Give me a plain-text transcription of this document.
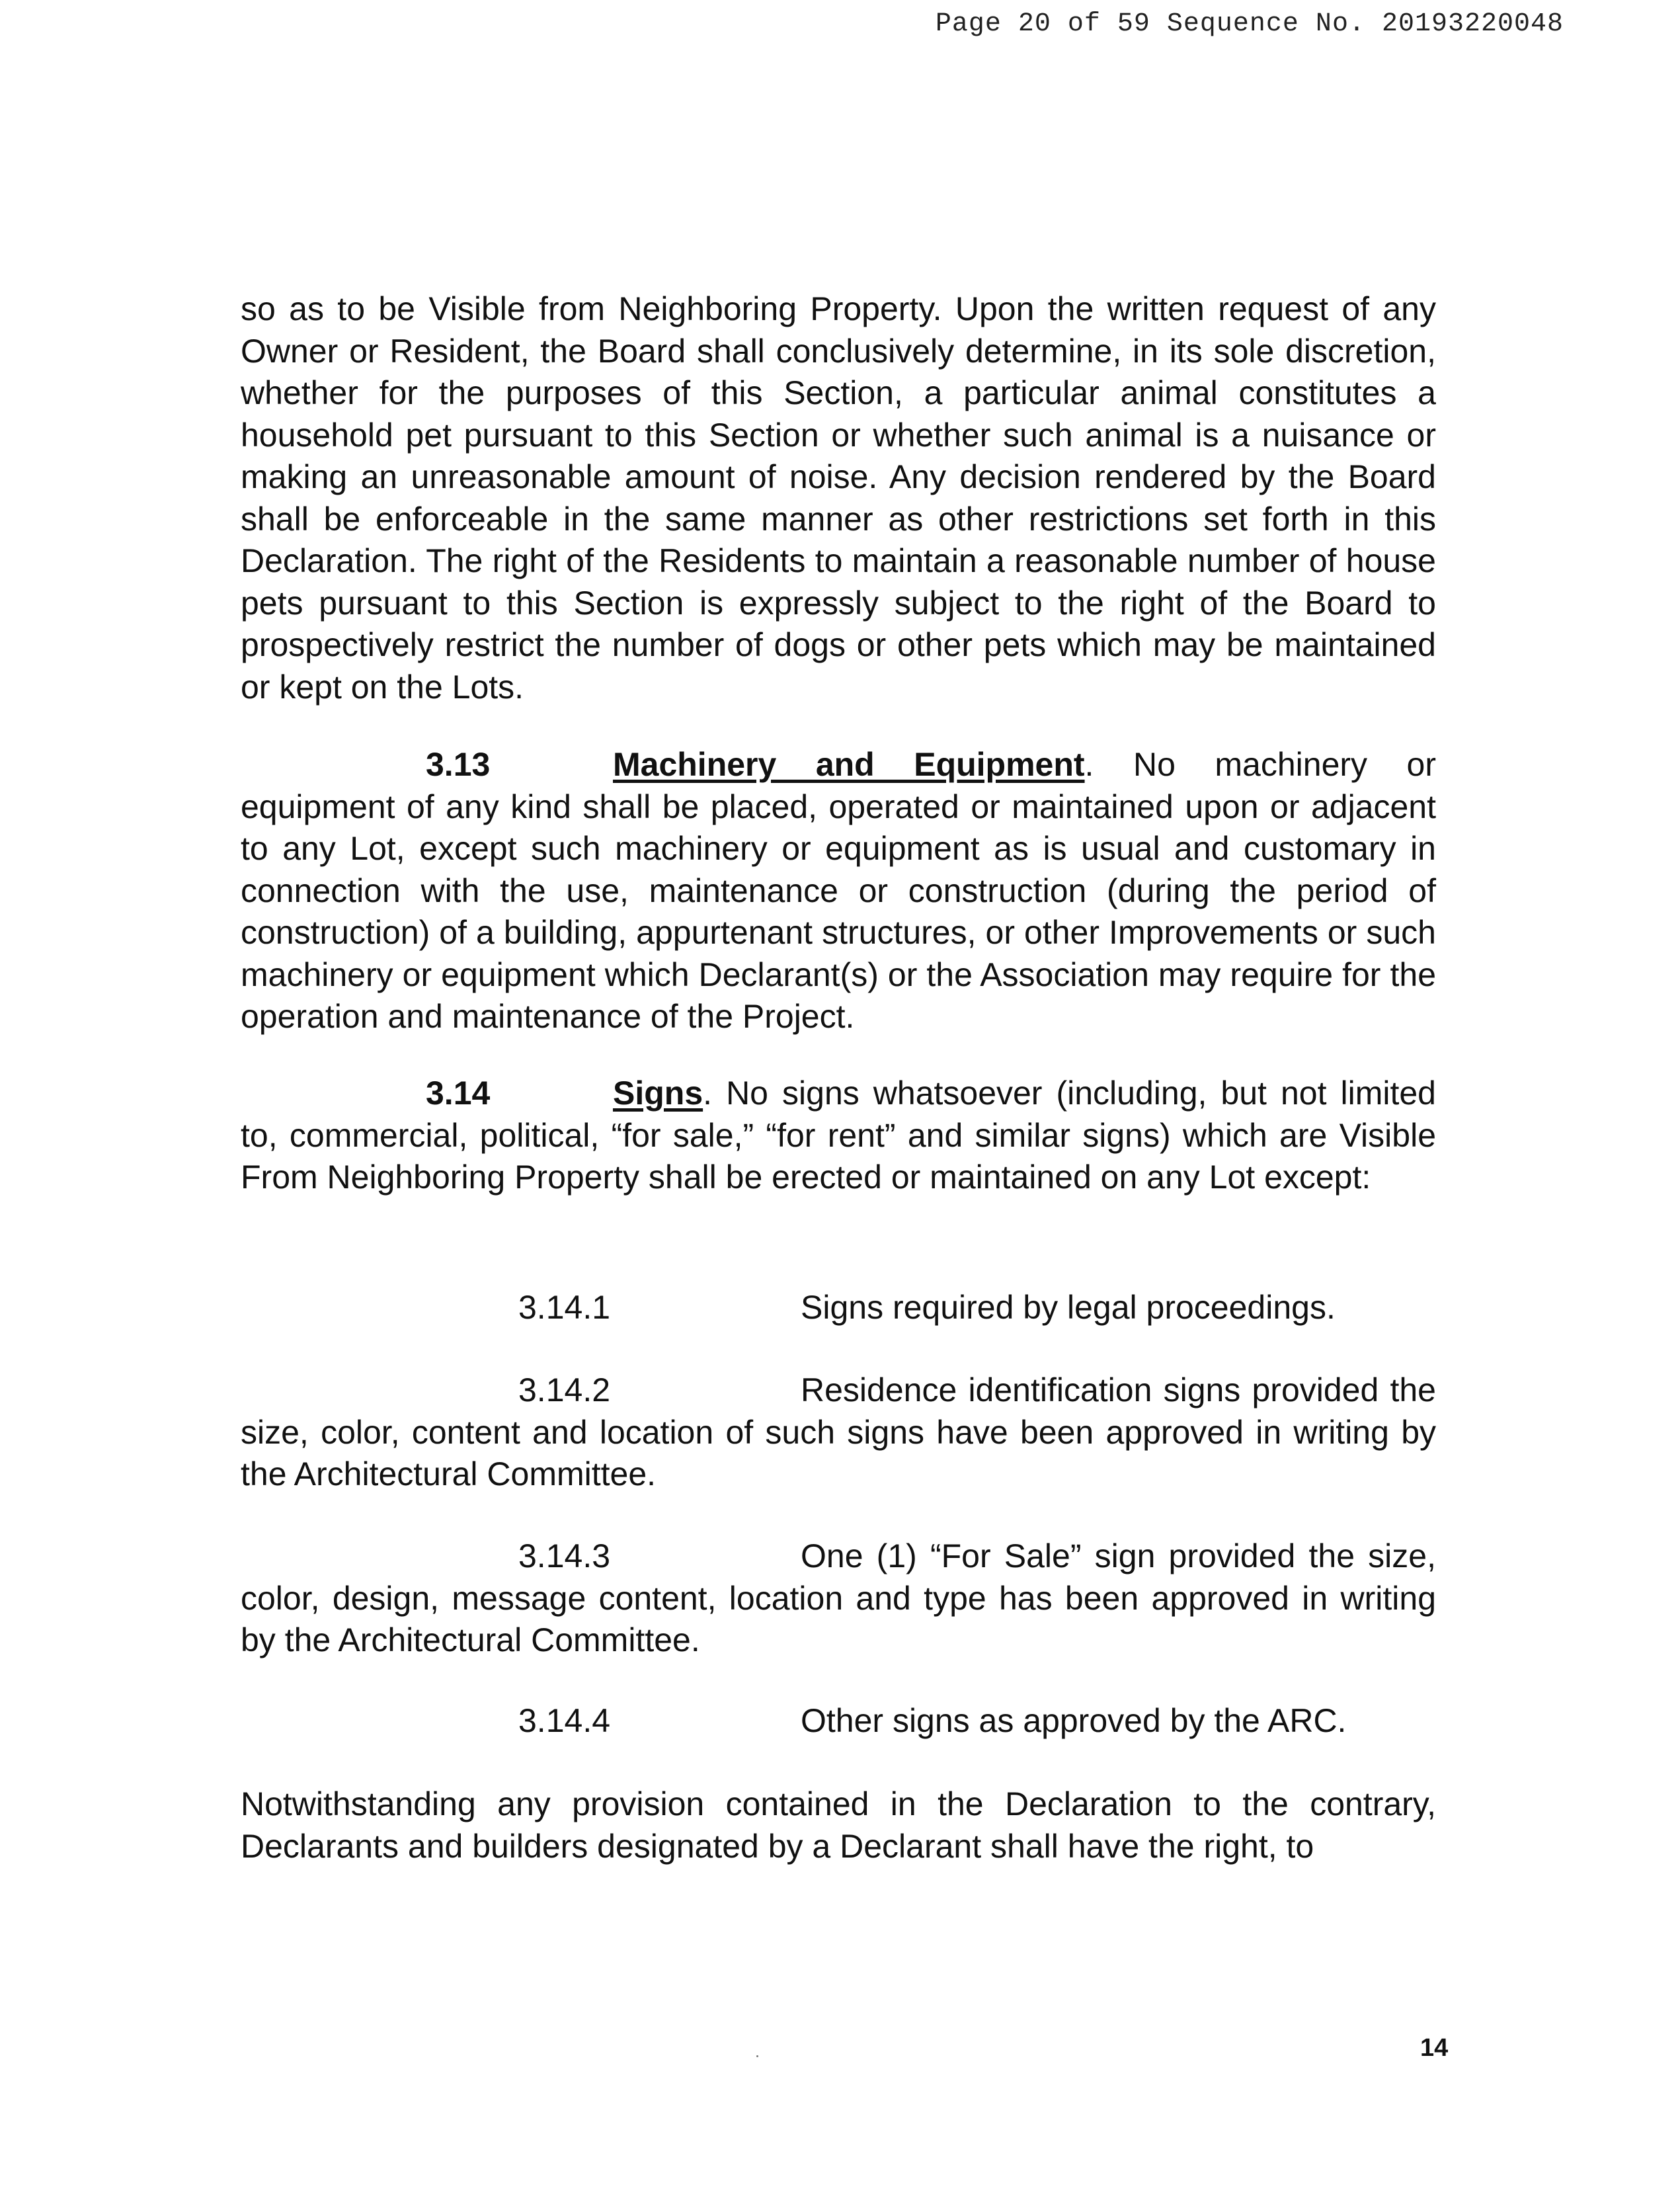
Page 20 of 59 Sequence No. 20193220048
so as to be Visible from Neighboring Property. Upon the written request of any Owner or Resident, the Board shall conclusively determine, in its sole discretion, whether for the purposes of this Section, a particular animal constitutes a household pet pursuant to this Section or whether such animal is a nuisance or making an unreasonable amount of noise. Any decision rendered by the Board shall be enforceable in the same manner as other restrictions set forth in this Declaration. The right of the Residents to maintain a reasonable number of house pets pursuant to this Section is expressly subject to the right of the Board to prospectively restrict the number of dogs or other pets which may be maintained or kept on the Lots.
3.13	Machinery and Equipment. No machinery or equipment of any kind shall be placed, operated or maintained upon or adjacent to any Lot, except such machinery or equipment as is usual and customary in connection with the use, maintenance or construction (during the period of construction) of a building, appurtenant structures, or other Improvements or such machinery or equipment which Declarant(s) or the Association may require for the operation and maintenance of the Project.
3.14	Signs. No signs whatsoever (including, but not limited to, commercial, political, “for sale,” “for rent” and similar signs) which are Visible From Neighboring Property shall be erected or maintained on any Lot except:
3.14.1	Signs required by legal proceedings.
3.14.2	Residence identification signs provided the size, color, content and location of such signs have been approved in writing by the Architectural Committee.
3.14.3	One (1) “For Sale” sign provided the size, color, design, message content, location and type has been approved in writing by the Architectural Committee.
3.14.4	Other signs as approved by the ARC.
Notwithstanding any provision contained in the Declaration to the contrary, Declarants and builders designated by a Declarant shall have the right, to
14
